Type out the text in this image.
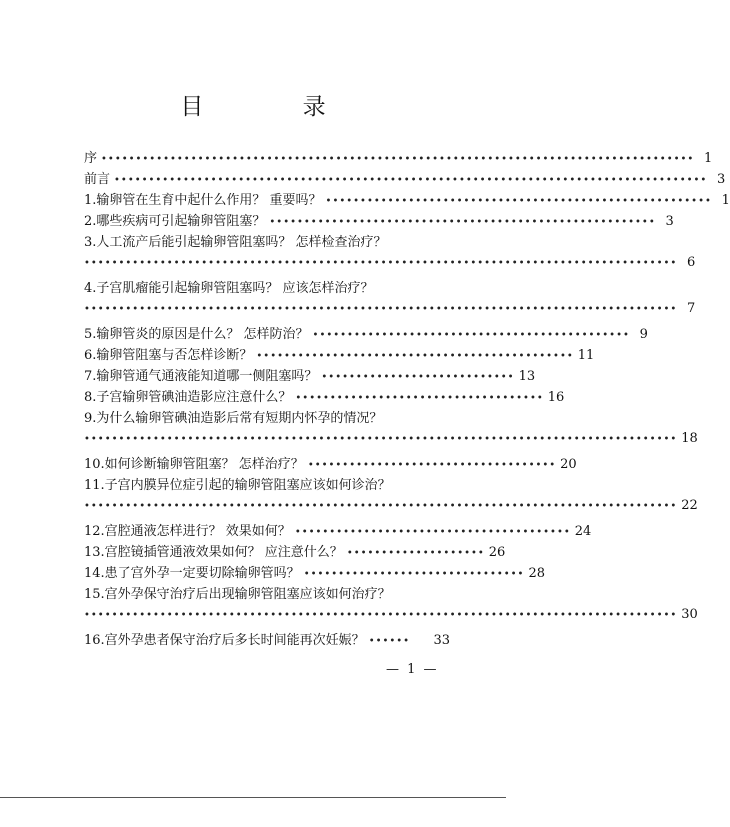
目 录
序 •••••••••••••••••••••••••••••••••••••••••••••••••••••••••••••••••••••••••••••••••••••• 1
前言 •••••••••••••••••••••••••••••••••••••••••••••••••••••••••••••••••••••••••••••••••••••• 3
1.输卵管在生育中起什么作用？ 重要吗？ •••••••••••••••••••••••••••••••••••••••••••••••••••••••• 1
2.哪些疾病可引起输卵管阻塞？ •••••••••••••••••••••••••••••••••••••••••••••••••••••••• 3
3.人工流产后能引起输卵管阻塞吗？ 怎样检查治疗？
•••••••••••••••••••••••••••••••••••••••••••••••••••••••••••••••••••••••••••••••••••••• 6
4.子宫肌瘤能引起输卵管阻塞吗？ 应该怎样治疗？
•••••••••••••••••••••••••••••••••••••••••••••••••••••••••••••••••••••••••••••••••••••• 7
5.输卵管炎的原因是什么？ 怎样防治？ •••••••••••••••••••••••••••••••••••••••••••••• 9
6.输卵管阻塞与否怎样诊断？ •••••••••••••••••••••••••••••••••••••••••••••• 11
7.输卵管通气通液能知道哪一侧阻塞吗？ •••••••••••••••••••••••••••• 13
8.子宫输卵管碘油造影应注意什么？ •••••••••••••••••••••••••••••••••••• 16
9.为什么输卵管碘油造影后常有短期内怀孕的情况？
•••••••••••••••••••••••••••••••••••••••••••••••••••••••••••••••••••••••••••••••••••••• 18
10.如何诊断输卵管阻塞？ 怎样治疗？ •••••••••••••••••••••••••••••••••••• 20
11.子宫内膜异位症引起的输卵管阻塞应该如何诊治？
•••••••••••••••••••••••••••••••••••••••••••••••••••••••••••••••••••••••••••••••••••••• 22
12.宫腔通液怎样进行？ 效果如何？ •••••••••••••••••••••••••••••••••••••••• 24
13.宫腔镜插管通液效果如何？ 应注意什么？ •••••••••••••••••••• 26
14.患了宫外孕一定要切除输卵管吗？ •••••••••••••••••••••••••••••••• 28
15.宫外孕保守治疗后出现输卵管阻塞应该如何治疗？
•••••••••••••••••••••••••••••••••••••••••••••••••••••••••••••••••••••••••••••••••••••• 30
16.宫外孕患者保守治疗后多长时间能再次妊娠？ ••••••	33
— 1 —
